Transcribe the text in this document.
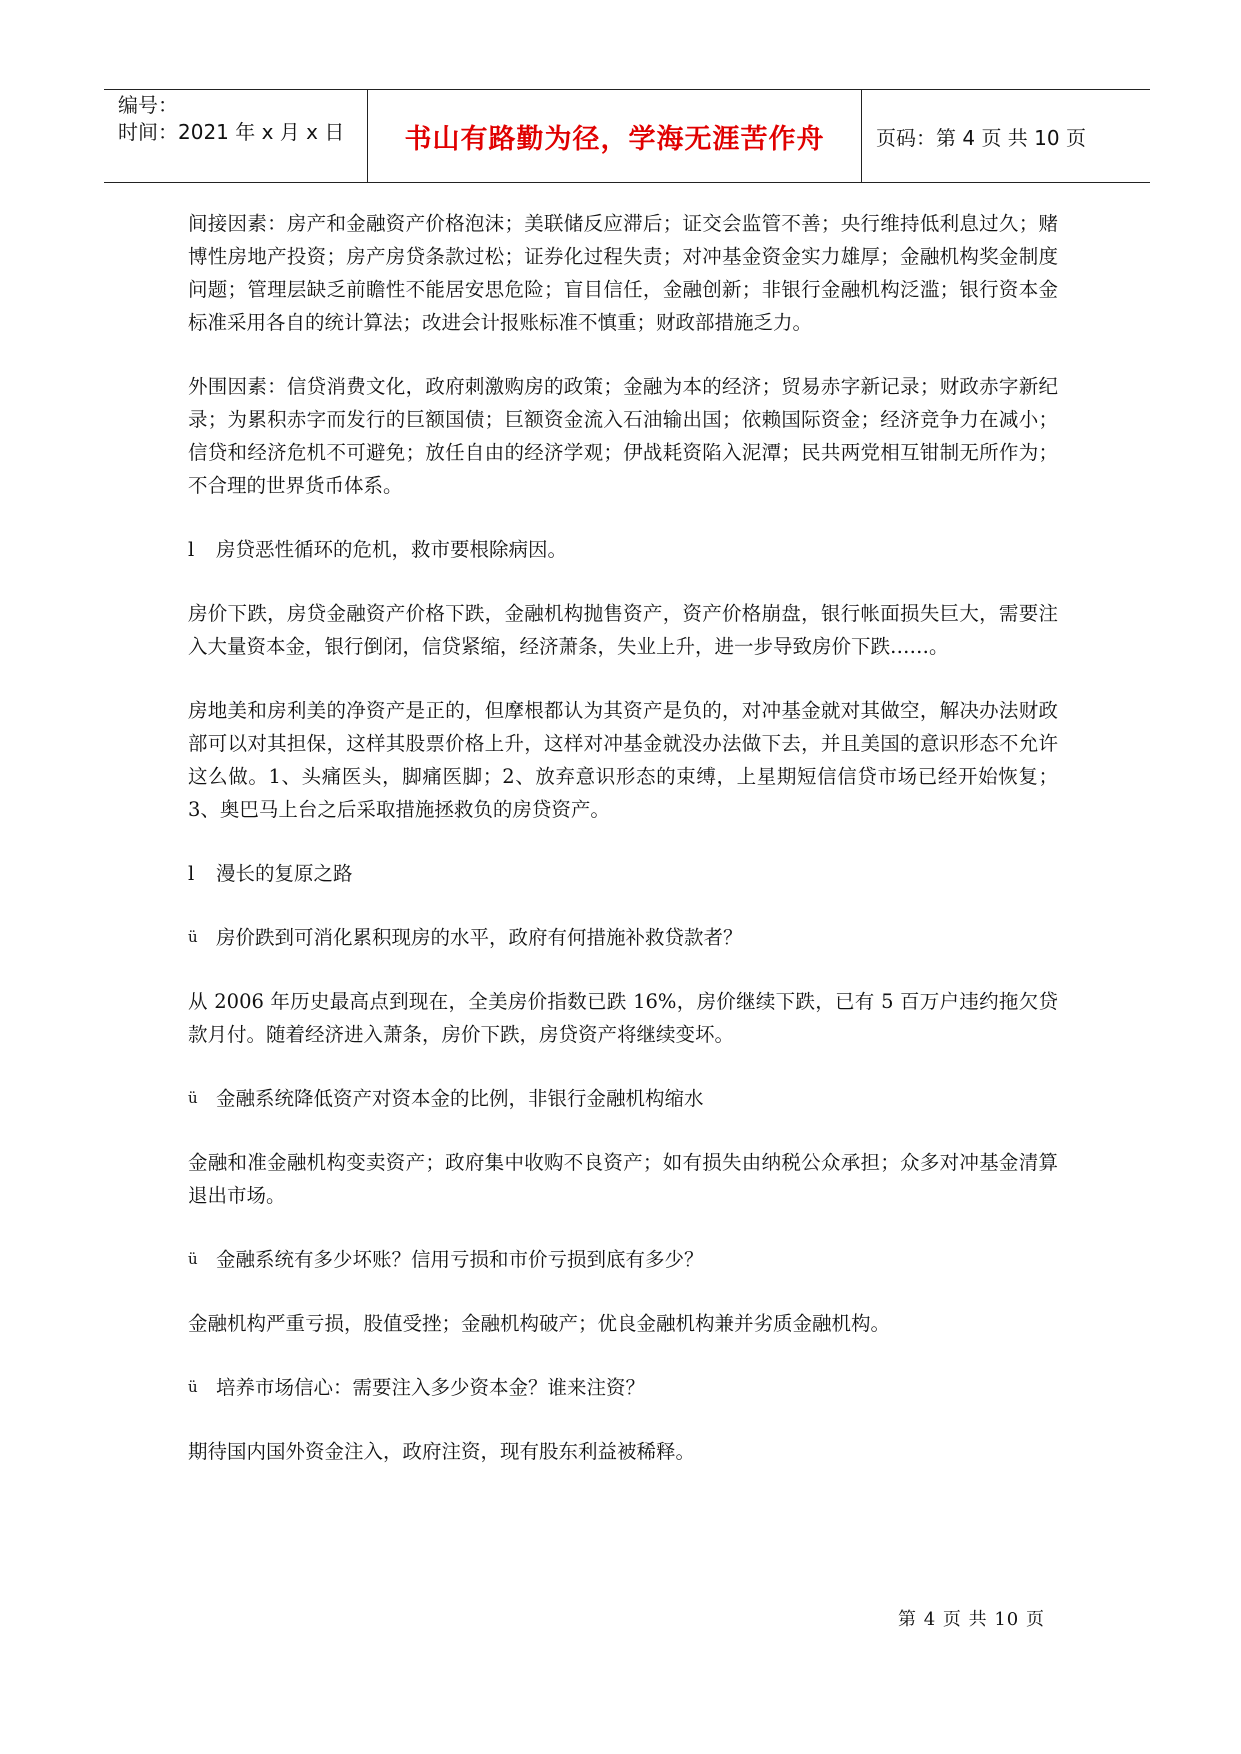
编号：
时间：2021 年 x 月 x 日	书山有路勤为径，学海无涯苦作舟	页码：第 4 页 共 10 页

间接因素：房产和金融资产价格泡沫；美联储反应滞后；证交会监管不善；央行维持低利息过久；赌博性房地产投资；房产房贷条款过松；证券化过程失责；对冲基金资金实力雄厚；金融机构奖金制度问题；管理层缺乏前瞻性不能居安思危险；盲目信任，金融创新；非银行金融机构泛滥；银行资本金标准采用各自的统计算法；改进会计报账标准不慎重；财政部措施乏力。

外围因素：信贷消费文化，政府刺激购房的政策；金融为本的经济；贸易赤字新记录；财政赤字新纪录；为累积赤字而发行的巨额国债；巨额资金流入石油输出国；依赖国际资金；经济竞争力在减小；信贷和经济危机不可避免；放任自由的经济学观；伊战耗资陷入泥潭；民共两党相互钳制无所作为；不合理的世界货币体系。

l	房贷恶性循环的危机，救市要根除病因。

房价下跌，房贷金融资产价格下跌，金融机构抛售资产，资产价格崩盘，银行帐面损失巨大，需要注入大量资本金，银行倒闭，信贷紧缩，经济萧条，失业上升，进一步导致房价下跌……。

房地美和房利美的净资产是正的，但摩根都认为其资产是负的，对冲基金就对其做空，解决办法财政部可以对其担保，这样其股票价格上升，这样对冲基金就没办法做下去，并且美国的意识形态不允许这么做。1、头痛医头，脚痛医脚；2、放弃意识形态的束缚，上星期短信信贷市场已经开始恢复；3、奥巴马上台之后采取措施拯救负的房贷资产。

l	漫长的复原之路
ü 房价跌到可消化累积现房的水平，政府有何措施补救贷款者？

从 2006 年历史最高点到现在，全美房价指数已跌 16%，房价继续下跌，已有 5 百万户违约拖欠贷款月付。随着经济进入萧条，房价下跌，房贷资产将继续变坏。

ü 金融系统降低资产对资本金的比例，非银行金融机构缩水

金融和准金融机构变卖资产；政府集中收购不良资产；如有损失由纳税公众承担；众多对冲基金清算退出市场。

ü 金融系统有多少坏账？信用亏损和市价亏损到底有多少？

金融机构严重亏损，股值受挫；金融机构破产；优良金融机构兼并劣质金融机构。

ü 培养市场信心：需要注入多少资本金？谁来注资？

期待国内国外资金注入，政府注资，现有股东利益被稀释。

第 4 页 共 10 页
